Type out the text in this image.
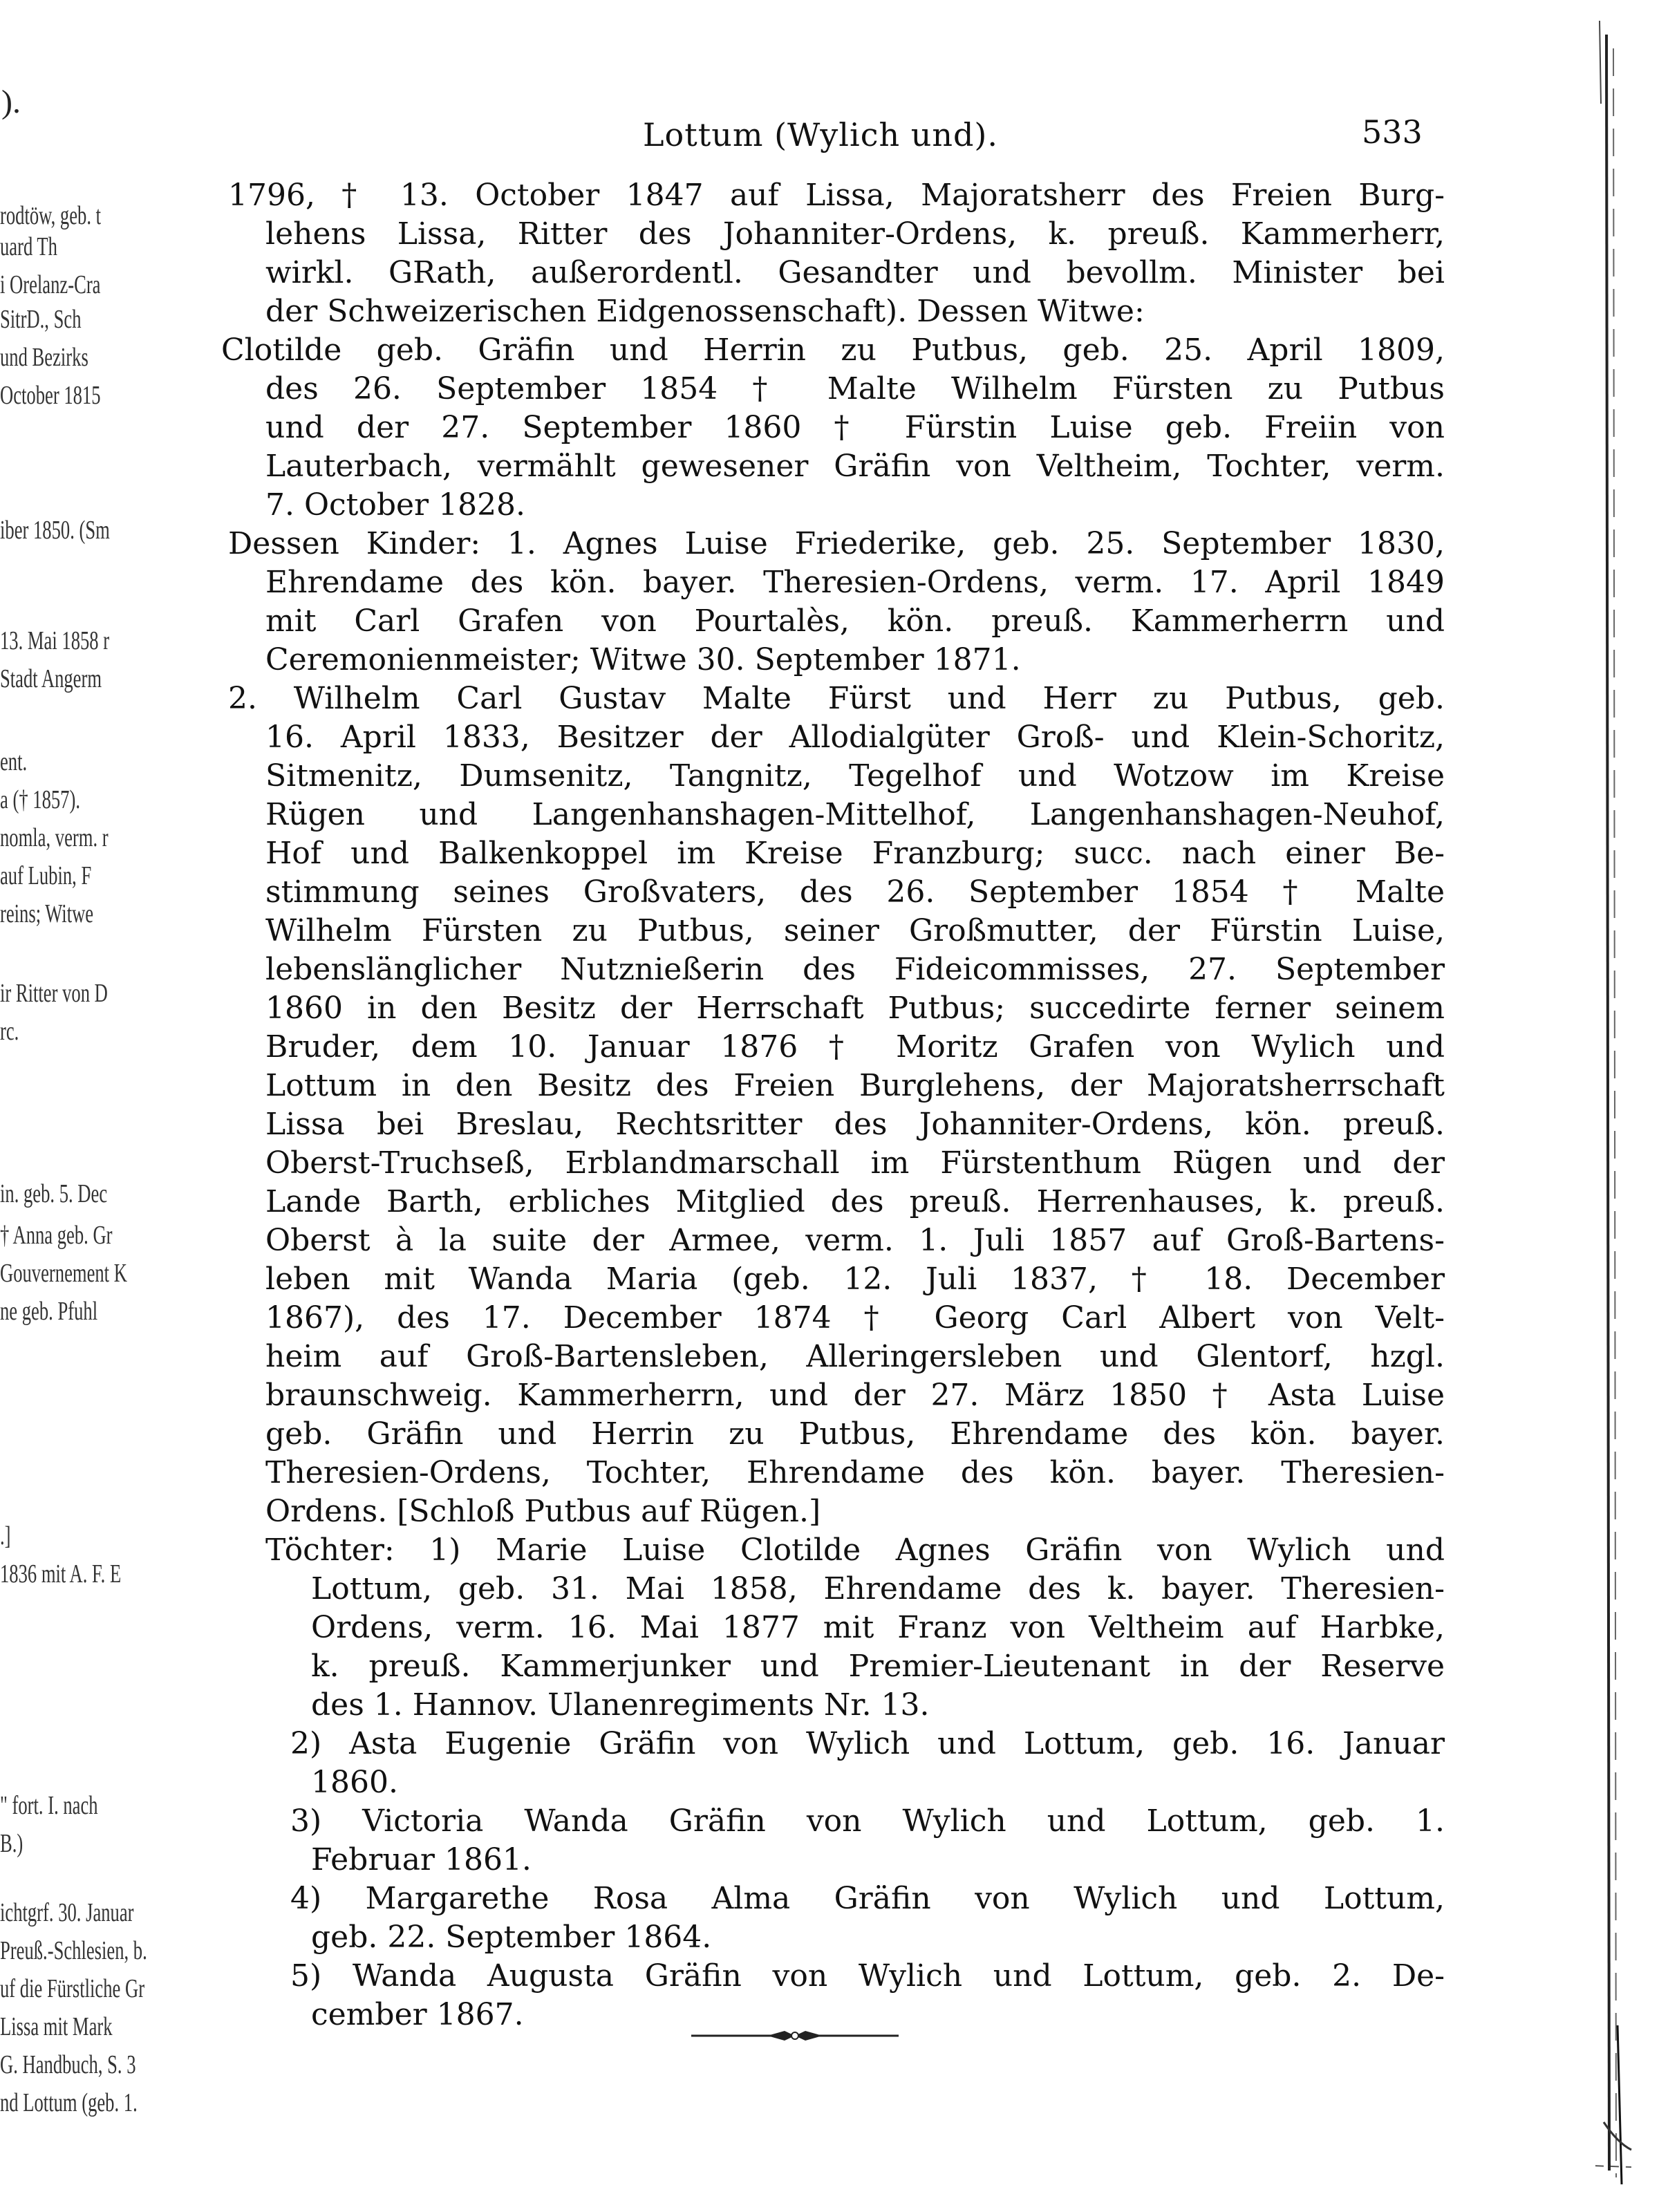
).
rodtöw, geb. t
uard Th
i Orelanz-Cra
SitrD., Sch
und Bezirks
October 1815
iber 1850. (Sm
13. Mai 1858 r
Stadt Angerm
ent.
a († 1857).
nomla, verm. r
auf Lubin, F
reins; Witwe
ir Ritter von D
rc.
in. geb. 5. Dec
† Anna geb. Gr
Gouvernement K
ne geb. Pfuhl
.]
1836 mit A. F. E
" fort. I. nach
B.)
ichtgrf. 30. Januar
Preuß.-Schlesien, b.
uf die Fürstliche Gr
Lissa mit Mark
G. Handbuch, S. 3
nd Lottum (geb. 1.
Lottum (Wylich und).	533
1796, † 13. October 1847 auf Lissa, Majoratsherr des Freien Burg-
lehens Lissa, Ritter des Johanniter-Ordens, k. preuß. Kammerherr,
wirkl. GRath, außerordentl. Gesandter und bevollm. Minister bei
der Schweizerischen Eidgenossenschaft). Dessen Witwe:
Clotilde geb. Gräfin und Herrin zu Putbus, geb. 25. April 1809,
des 26. September 1854 † Malte Wilhelm Fürsten zu Putbus
und der 27. September 1860 † Fürstin Luise geb. Freiin von
Lauterbach, vermählt gewesener Gräfin von Veltheim, Tochter, verm.
7. October 1828.
Dessen Kinder: 1. Agnes Luise Friederike, geb. 25. September 1830,
Ehrendame des kön. bayer. Theresien-Ordens, verm. 17. April 1849
mit Carl Grafen von Pourtalès, kön. preuß. Kammerherrn und
Ceremonienmeister; Witwe 30. September 1871.
2. Wilhelm Carl Gustav Malte Fürst und Herr zu Putbus, geb.
16. April 1833, Besitzer der Allodialgüter Groß- und Klein-Schoritz,
Sitmenitz, Dumsenitz, Tangnitz, Tegelhof und Wotzow im Kreise
Rügen und Langenhanshagen-Mittelhof, Langenhanshagen-Neuhof,
Hof und Balkenkoppel im Kreise Franzburg; succ. nach einer Be-
stimmung seines Großvaters, des 26. September 1854 † Malte
Wilhelm Fürsten zu Putbus, seiner Großmutter, der Fürstin Luise,
lebenslänglicher Nutznießerin des Fideicommisses, 27. September
1860 in den Besitz der Herrschaft Putbus; succedirte ferner seinem
Bruder, dem 10. Januar 1876 † Moritz Grafen von Wylich und
Lottum in den Besitz des Freien Burglehens, der Majoratsherrschaft
Lissa bei Breslau, Rechtsritter des Johanniter-Ordens, kön. preuß.
Oberst-Truchseß, Erblandmarschall im Fürstenthum Rügen und der
Lande Barth, erbliches Mitglied des preuß. Herrenhauses, k. preuß.
Oberst à la suite der Armee, verm. 1. Juli 1857 auf Groß-Bartens-
leben mit Wanda Maria (geb. 12. Juli 1837, † 18. December
1867), des 17. December 1874 † Georg Carl Albert von Velt-
heim auf Groß-Bartensleben, Alleringersleben und Glentorf, hzgl.
braunschweig. Kammerherrn, und der 27. März 1850 † Asta Luise
geb. Gräfin und Herrin zu Putbus, Ehrendame des kön. bayer.
Theresien-Ordens, Tochter, Ehrendame des kön. bayer. Theresien-
Ordens. [Schloß Putbus auf Rügen.]
Töchter: 1) Marie Luise Clotilde Agnes Gräfin von Wylich und
Lottum, geb. 31. Mai 1858, Ehrendame des k. bayer. Theresien-
Ordens, verm. 16. Mai 1877 mit Franz von Veltheim auf Harbke,
k. preuß. Kammerjunker und Premier-Lieutenant in der Reserve
des 1. Hannov. Ulanenregiments Nr. 13.
2) Asta Eugenie Gräfin von Wylich und Lottum, geb. 16. Januar
1860.
3) Victoria Wanda Gräfin von Wylich und Lottum, geb. 1.
Februar 1861.
4) Margarethe Rosa Alma Gräfin von Wylich und Lottum,
geb. 22. September 1864.
5) Wanda Augusta Gräfin von Wylich und Lottum, geb. 2. De-
cember 1867.
